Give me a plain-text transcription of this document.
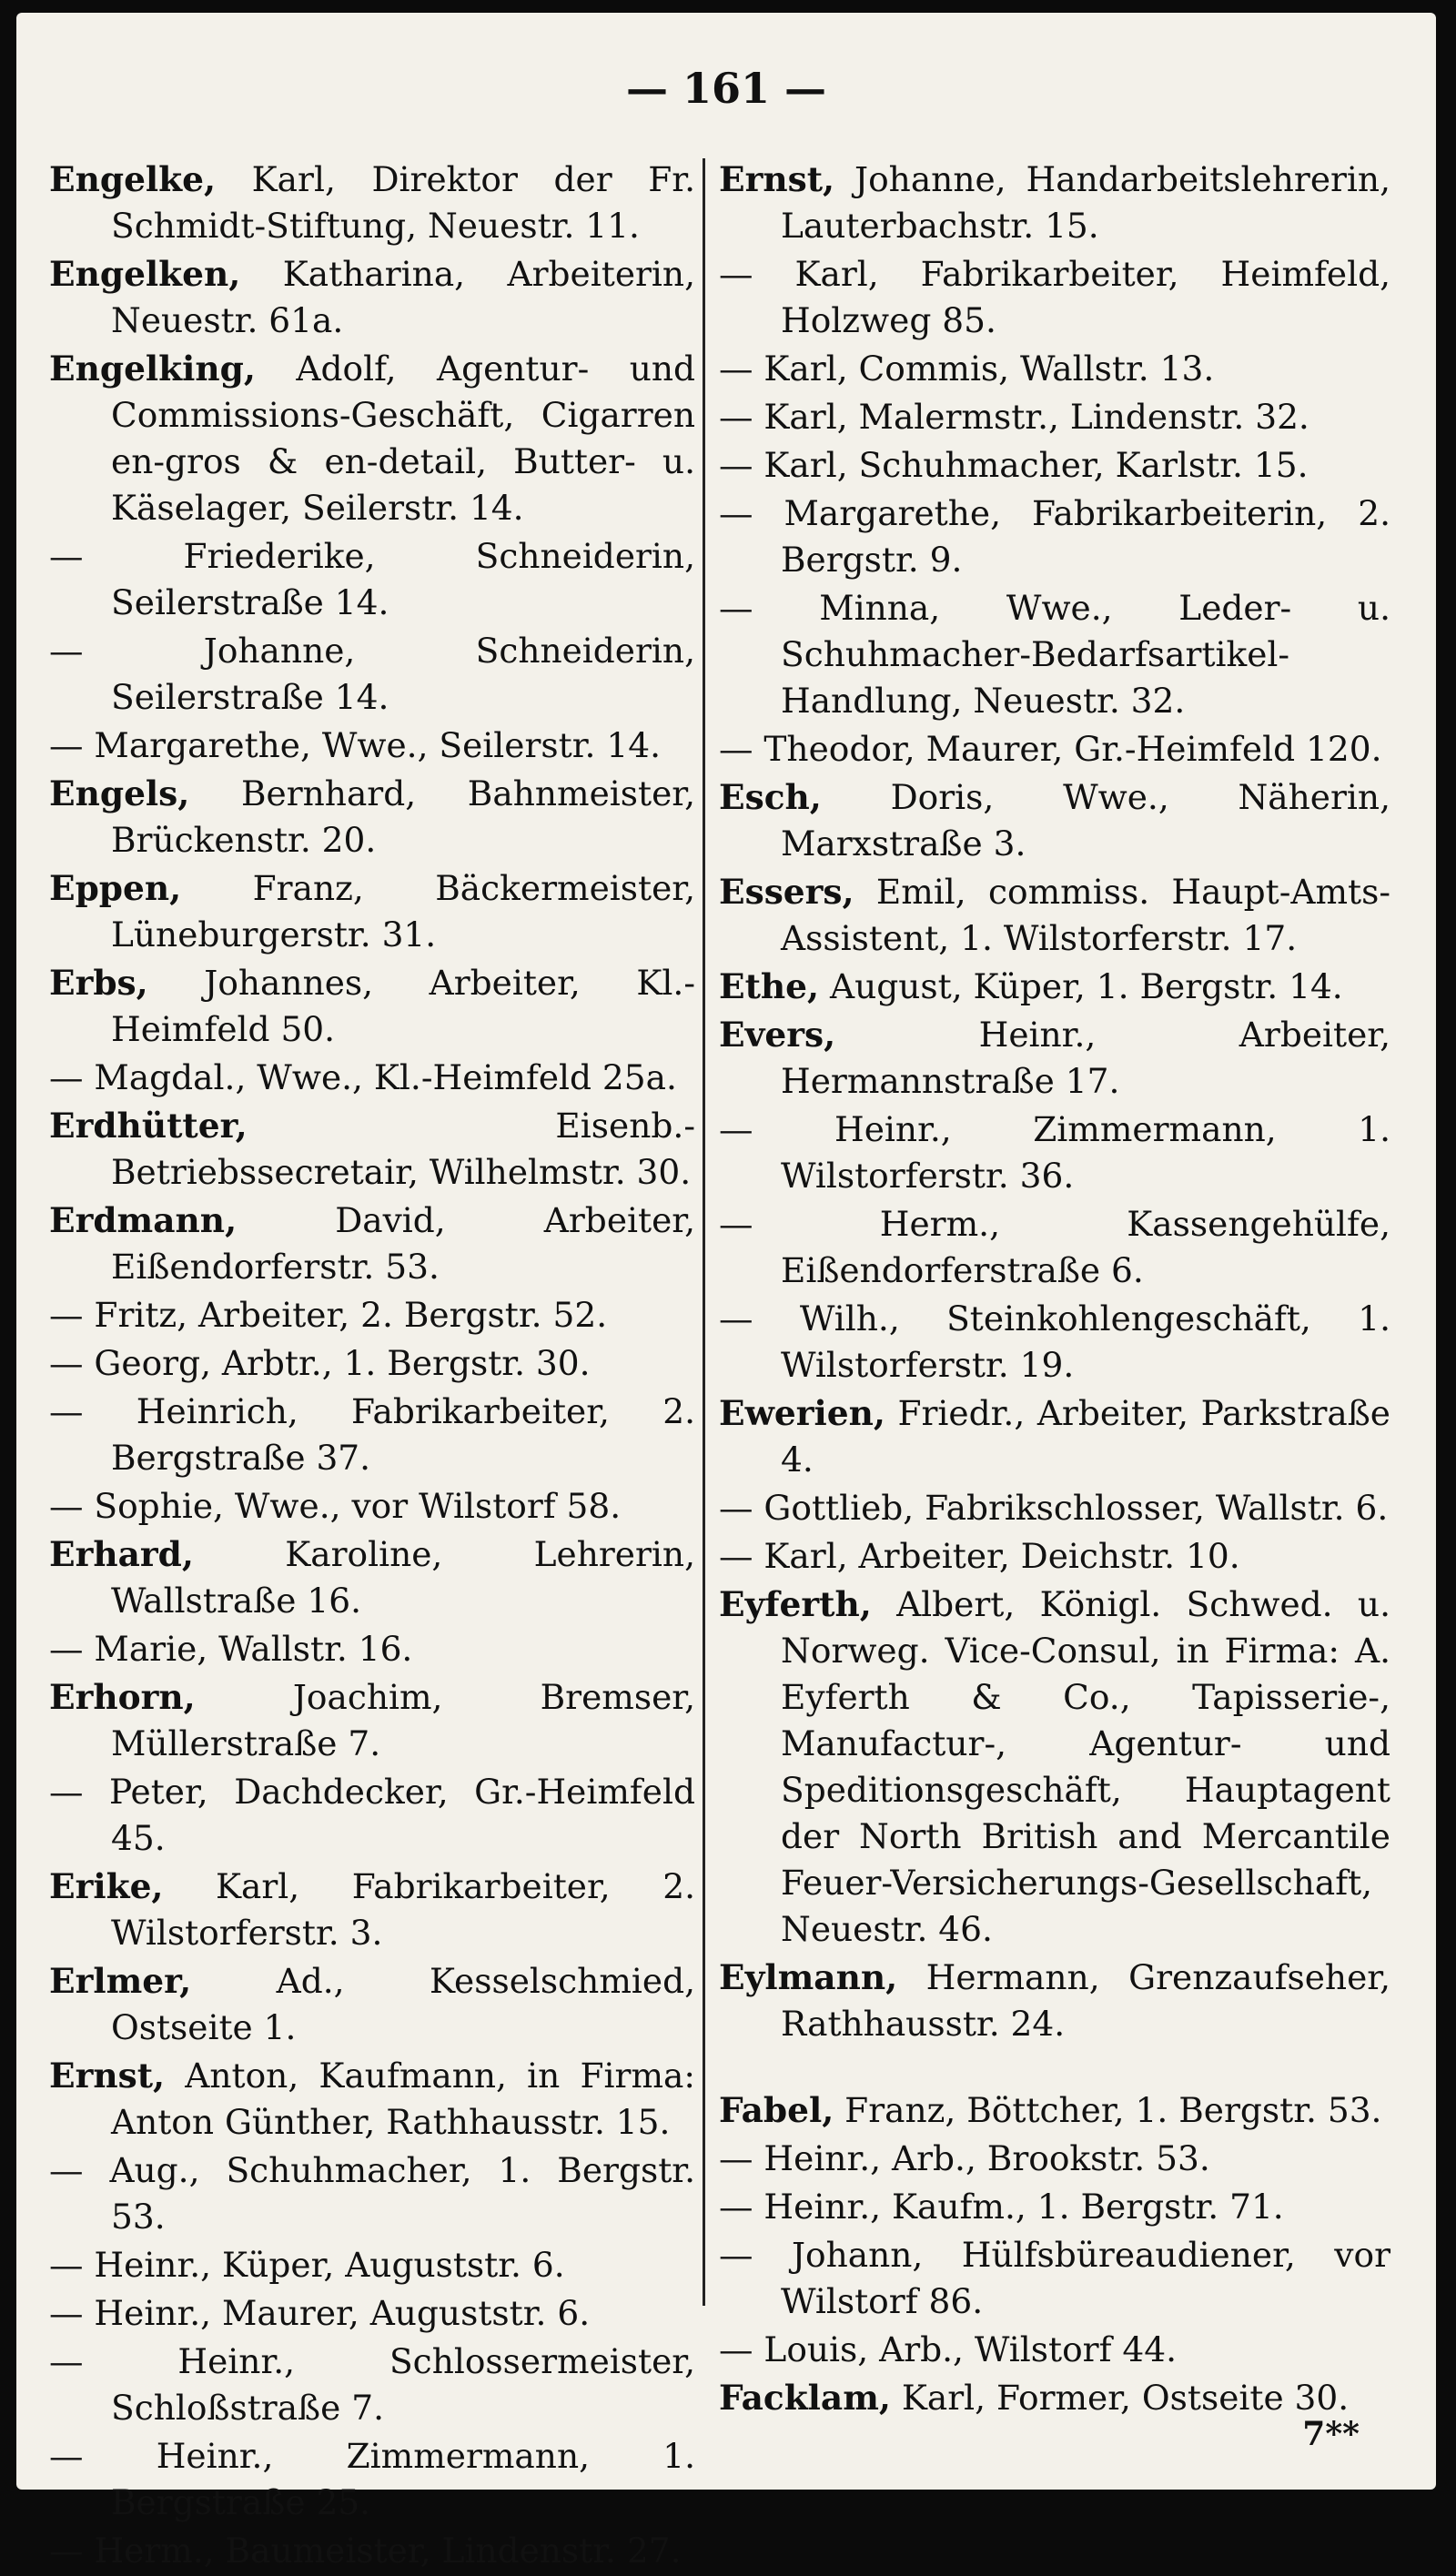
— 161 —

Engelke, Karl, Direktor der Fr. Schmidt-Stiftung, Neuestr. 11.

Engelken, Katharina, Arbeiterin, Neuestr. 61a.

Engelking, Adolf, Agentur- und Commissions-Geschäft, Cigarren en-gros & en-detail, Butter- u. Käselager, Seilerstr. 14.

— Friederike, Schneiderin, Seilerstraße 14.

— Johanne, Schneiderin, Seilerstraße 14.

— Margarethe, Wwe., Seilerstr. 14.

Engels, Bernhard, Bahnmeister, Brückenstr. 20.

Eppen, Franz, Bäckermeister, Lüneburgerstr. 31.

Erbs, Johannes, Arbeiter, Kl.-Heimfeld 50.

— Magdal., Wwe., Kl.-Heimfeld 25a.

Erdhütter, Eisenb.-Betriebssecretair, Wilhelmstr. 30.

Erdmann, David, Arbeiter, Eißendorferstr. 53.

— Fritz, Arbeiter, 2. Bergstr. 52.

— Georg, Arbtr., 1. Bergstr. 30.

— Heinrich, Fabrikarbeiter, 2. Bergstraße 37.

— Sophie, Wwe., vor Wilstorf 58.

Erhard, Karoline, Lehrerin, Wallstraße 16.

— Marie, Wallstr. 16.

Erhorn, Joachim, Bremser, Müllerstraße 7.

— Peter, Dachdecker, Gr.-Heimfeld 45.

Erike, Karl, Fabrikarbeiter, 2. Wilstorferstr. 3.

Erlmer, Ad., Kesselschmied, Ostseite 1.

Ernst, Anton, Kaufmann, in Firma: Anton Günther, Rathhausstr. 15.

— Aug., Schuhmacher, 1. Bergstr. 53.

— Heinr., Küper, Auguststr. 6.

— Heinr., Maurer, Auguststr. 6.

— Heinr., Schlossermeister, Schloßstraße 7.

— Heinr., Zimmermann, 1. Bergstraße 25.

— Herm., Baumeister, Lindenstr. 27.

Ernst, Johanne, Handarbeitslehrerin, Lauterbachstr. 15.

— Karl, Fabrikarbeiter, Heimfeld, Holzweg 85.

— Karl, Commis, Wallstr. 13.

— Karl, Malermstr., Lindenstr. 32.

— Karl, Schuhmacher, Karlstr. 15.

— Margarethe, Fabrikarbeiterin, 2. Bergstr. 9.

— Minna, Wwe., Leder- u. Schuhmacher-Bedarfsartikel-Handlung, Neuestr. 32.

— Theodor, Maurer, Gr.-Heimfeld 120.

Esch, Doris, Wwe., Näherin, Marxstraße 3.

Essers, Emil, commiss. Haupt-Amts-Assistent, 1. Wilstorferstr. 17.

Ethe, August, Küper, 1. Bergstr. 14.

Evers, Heinr., Arbeiter, Hermannstraße 17.

— Heinr., Zimmermann, 1. Wilstorferstr. 36.

— Herm., Kassengehülfe, Eißendorferstraße 6.

— Wilh., Steinkohlengeschäft, 1. Wilstorferstr. 19.

Ewerien, Friedr., Arbeiter, Parkstraße 4.

— Gottlieb, Fabrikschlosser, Wallstr. 6.

— Karl, Arbeiter, Deichstr. 10.

Eyferth, Albert, Königl. Schwed. u. Norweg. Vice-Consul, in Firma: A. Eyferth & Co., Tapisserie-, Manufactur-, Agentur- und Speditionsgeschäft, Hauptagent der North British and Mercantile Feuer-Versicherungs-Gesellschaft, Neuestr. 46.

Eylmann, Hermann, Grenzaufseher, Rathhausstr. 24.

Fabel, Franz, Böttcher, 1. Bergstr. 53.

— Heinr., Arb., Brookstr. 53.

— Heinr., Kaufm., 1. Bergstr. 71.

— Johann, Hülfsbüreaudiener, vor Wilstorf 86.

— Louis, Arb., Wilstorf 44.

Facklam, Karl, Former, Ostseite 30.

7**
